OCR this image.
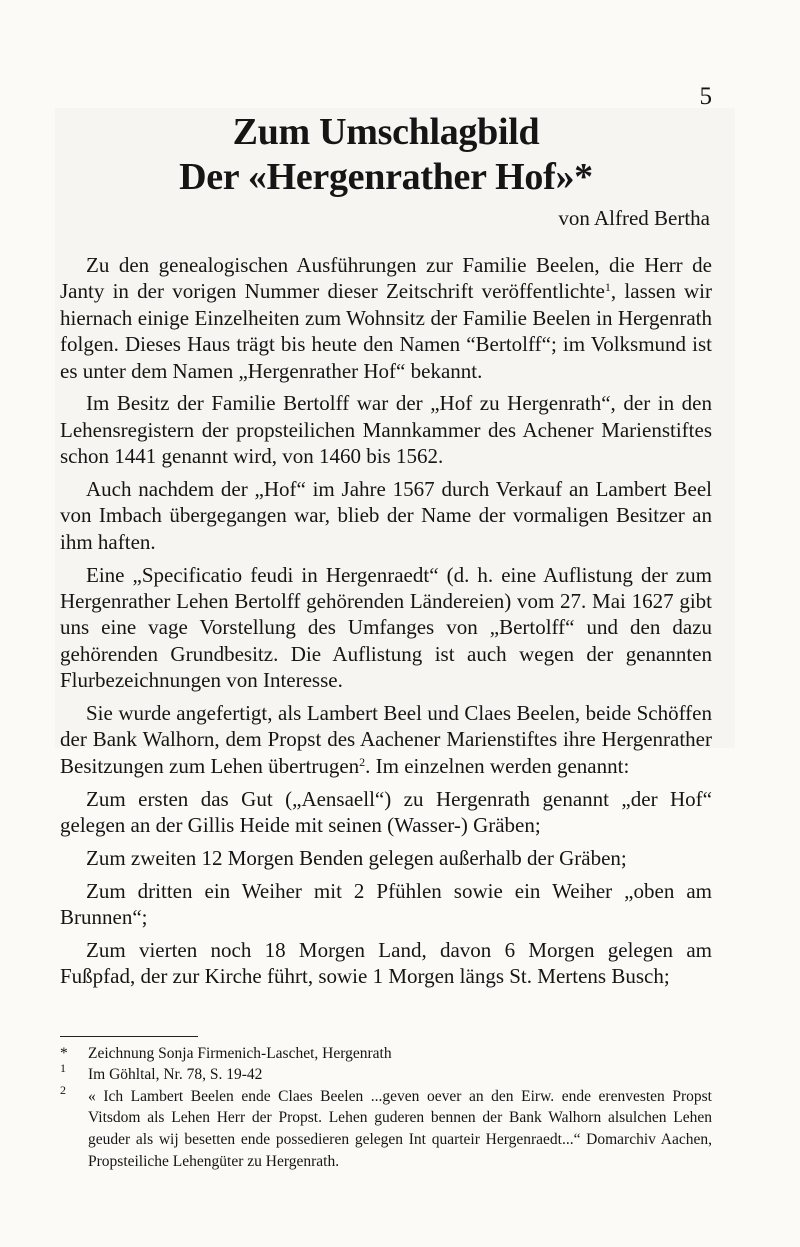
5
Zum Umschlagbild
Der «Hergenrather Hof»*
von Alfred Bertha

Zu den genealogischen Ausführungen zur Familie Beelen, die Herr de Janty in der vorigen Nummer dieser Zeitschrift veröffentlichte$^1$, lassen wir hiernach einige Einzelheiten zum Wohnsitz der Familie Beelen in Hergenrath folgen. Dieses Haus trägt bis heute den Namen “Bertolff“; im Volksmund ist es unter dem Namen „Hergenrather Hof“ bekannt.

Im Besitz der Familie Bertolff war der „Hof zu Hergenrath“, der in den Lehensregistern der propsteilichen Mannkammer des Achener Marienstiftes schon 1441 genannt wird, von 1460 bis 1562.

Auch nachdem der „Hof“ im Jahre 1567 durch Verkauf an Lambert Beel von Imbach übergegangen war, blieb der Name der vormaligen Besitzer an ihm haften.

Eine „Specificatio feudi in Hergenraedt“ (d. h. eine Auflistung der zum Hergenrather Lehen Bertolff gehörenden Ländereien) vom 27. Mai 1627 gibt uns eine vage Vorstellung des Umfanges von „Bertolff“ und den dazu gehörenden Grundbesitz. Die Auflistung ist auch wegen der genannten Flurbezeichnungen von Interesse.

Sie wurde angefertigt, als Lambert Beel und Claes Beelen, beide Schöffen der Bank Walhorn, dem Propst des Aachener Marienstiftes ihre Hergenrather Besitzungen zum Lehen übertrugen$^2$. Im einzelnen werden genannt:

Zum ersten das Gut („Aensaell“) zu Hergenrath genannt „der Hof“ gelegen an der Gillis Heide mit seinen (Wasser-) Gräben;

Zum zweiten 12 Morgen Benden gelegen außerhalb der Gräben;

Zum dritten ein Weiher mit 2 Pfühlen sowie ein Weiher „oben am Brunnen“;

Zum vierten noch 18 Morgen Land, davon 6 Morgen gelegen am Fußpfad, der zur Kirche führt, sowie 1 Morgen längs St. Mertens Busch;

*	Zeichnung Sonja Firmenich-Laschet, Hergenrath
$^1$	Im Göhltal, Nr. 78, S. 19-42
$^2$	« Ich Lambert Beelen ende Claes Beelen ...geven oever an den Eirw. ende erenvesten Propst Vitsdom als Lehen Herr der Propst. Lehen guderen bennen der Bank Walhorn alsulchen Lehen geuder als wij besetten ende possedieren gelegen Int quarteir Hergenraedt...“ Domarchiv Aachen, Propsteiliche Lehengüter zu Hergenrath.
